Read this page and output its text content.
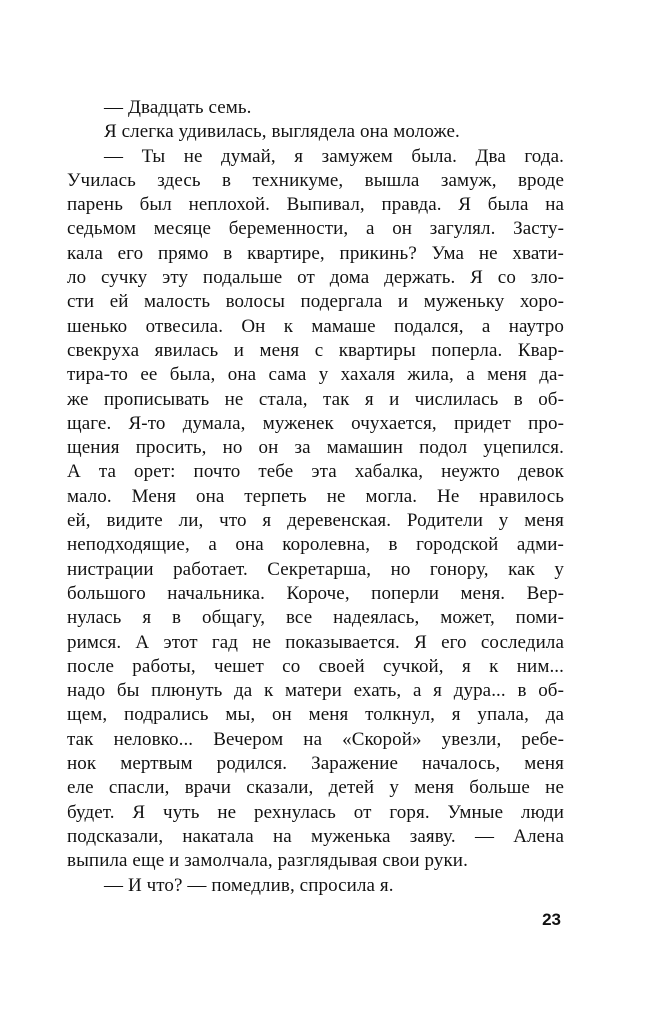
— Двадцать семь.
Я слегка удивилась, выглядела она моложе.
— Ты не думай, я замужем была. Два года.
Училась здесь в техникуме, вышла замуж, вроде
парень был неплохой. Выпивал, правда. Я была на
седьмом месяце беременности, а он загулял. Засту-
кала его прямо в квартире, прикинь? Ума не хвати-
ло сучку эту подальше от дома держать. Я со зло-
сти ей малость волосы подергала и муженьку хоро-
шенько отвесила. Он к мамаше подался, а наутро
свекруха явилась и меня с квартиры поперла. Квар-
тира-то ее была, она сама у хахаля жила, а меня да-
же прописывать не стала, так я и числилась в об-
щаге. Я-то думала, муженек очухается, придет про-
щения просить, но он за мамашин подол уцепился.
А та орет: почто тебе эта хабалка, неужто девок
мало. Меня она терпеть не могла. Не нравилось
ей, видите ли, что я деревенская. Родители у меня
неподходящие, а она королевна, в городской адми-
нистрации работает. Секретарша, но гонору, как у
большого начальника. Короче, поперли меня. Вер-
нулась я в общагу, все надеялась, может, поми-
римся. А этот гад не показывается. Я его соследила
после работы, чешет со своей сучкой, я к ним...
надо бы плюнуть да к матери ехать, а я дура... в об-
щем, подрались мы, он меня толкнул, я упала, да
так неловко... Вечером на «Скорой» увезли, ребе-
нок мертвым родился. Заражение началось, меня
еле спасли, врачи сказали, детей у меня больше не
будет. Я чуть не рехнулась от горя. Умные люди
подсказали, накатала на муженька заяву. — Алена
выпила еще и замолчала, разглядывая свои руки.
— И что? — помедлив, спросила я.
23
